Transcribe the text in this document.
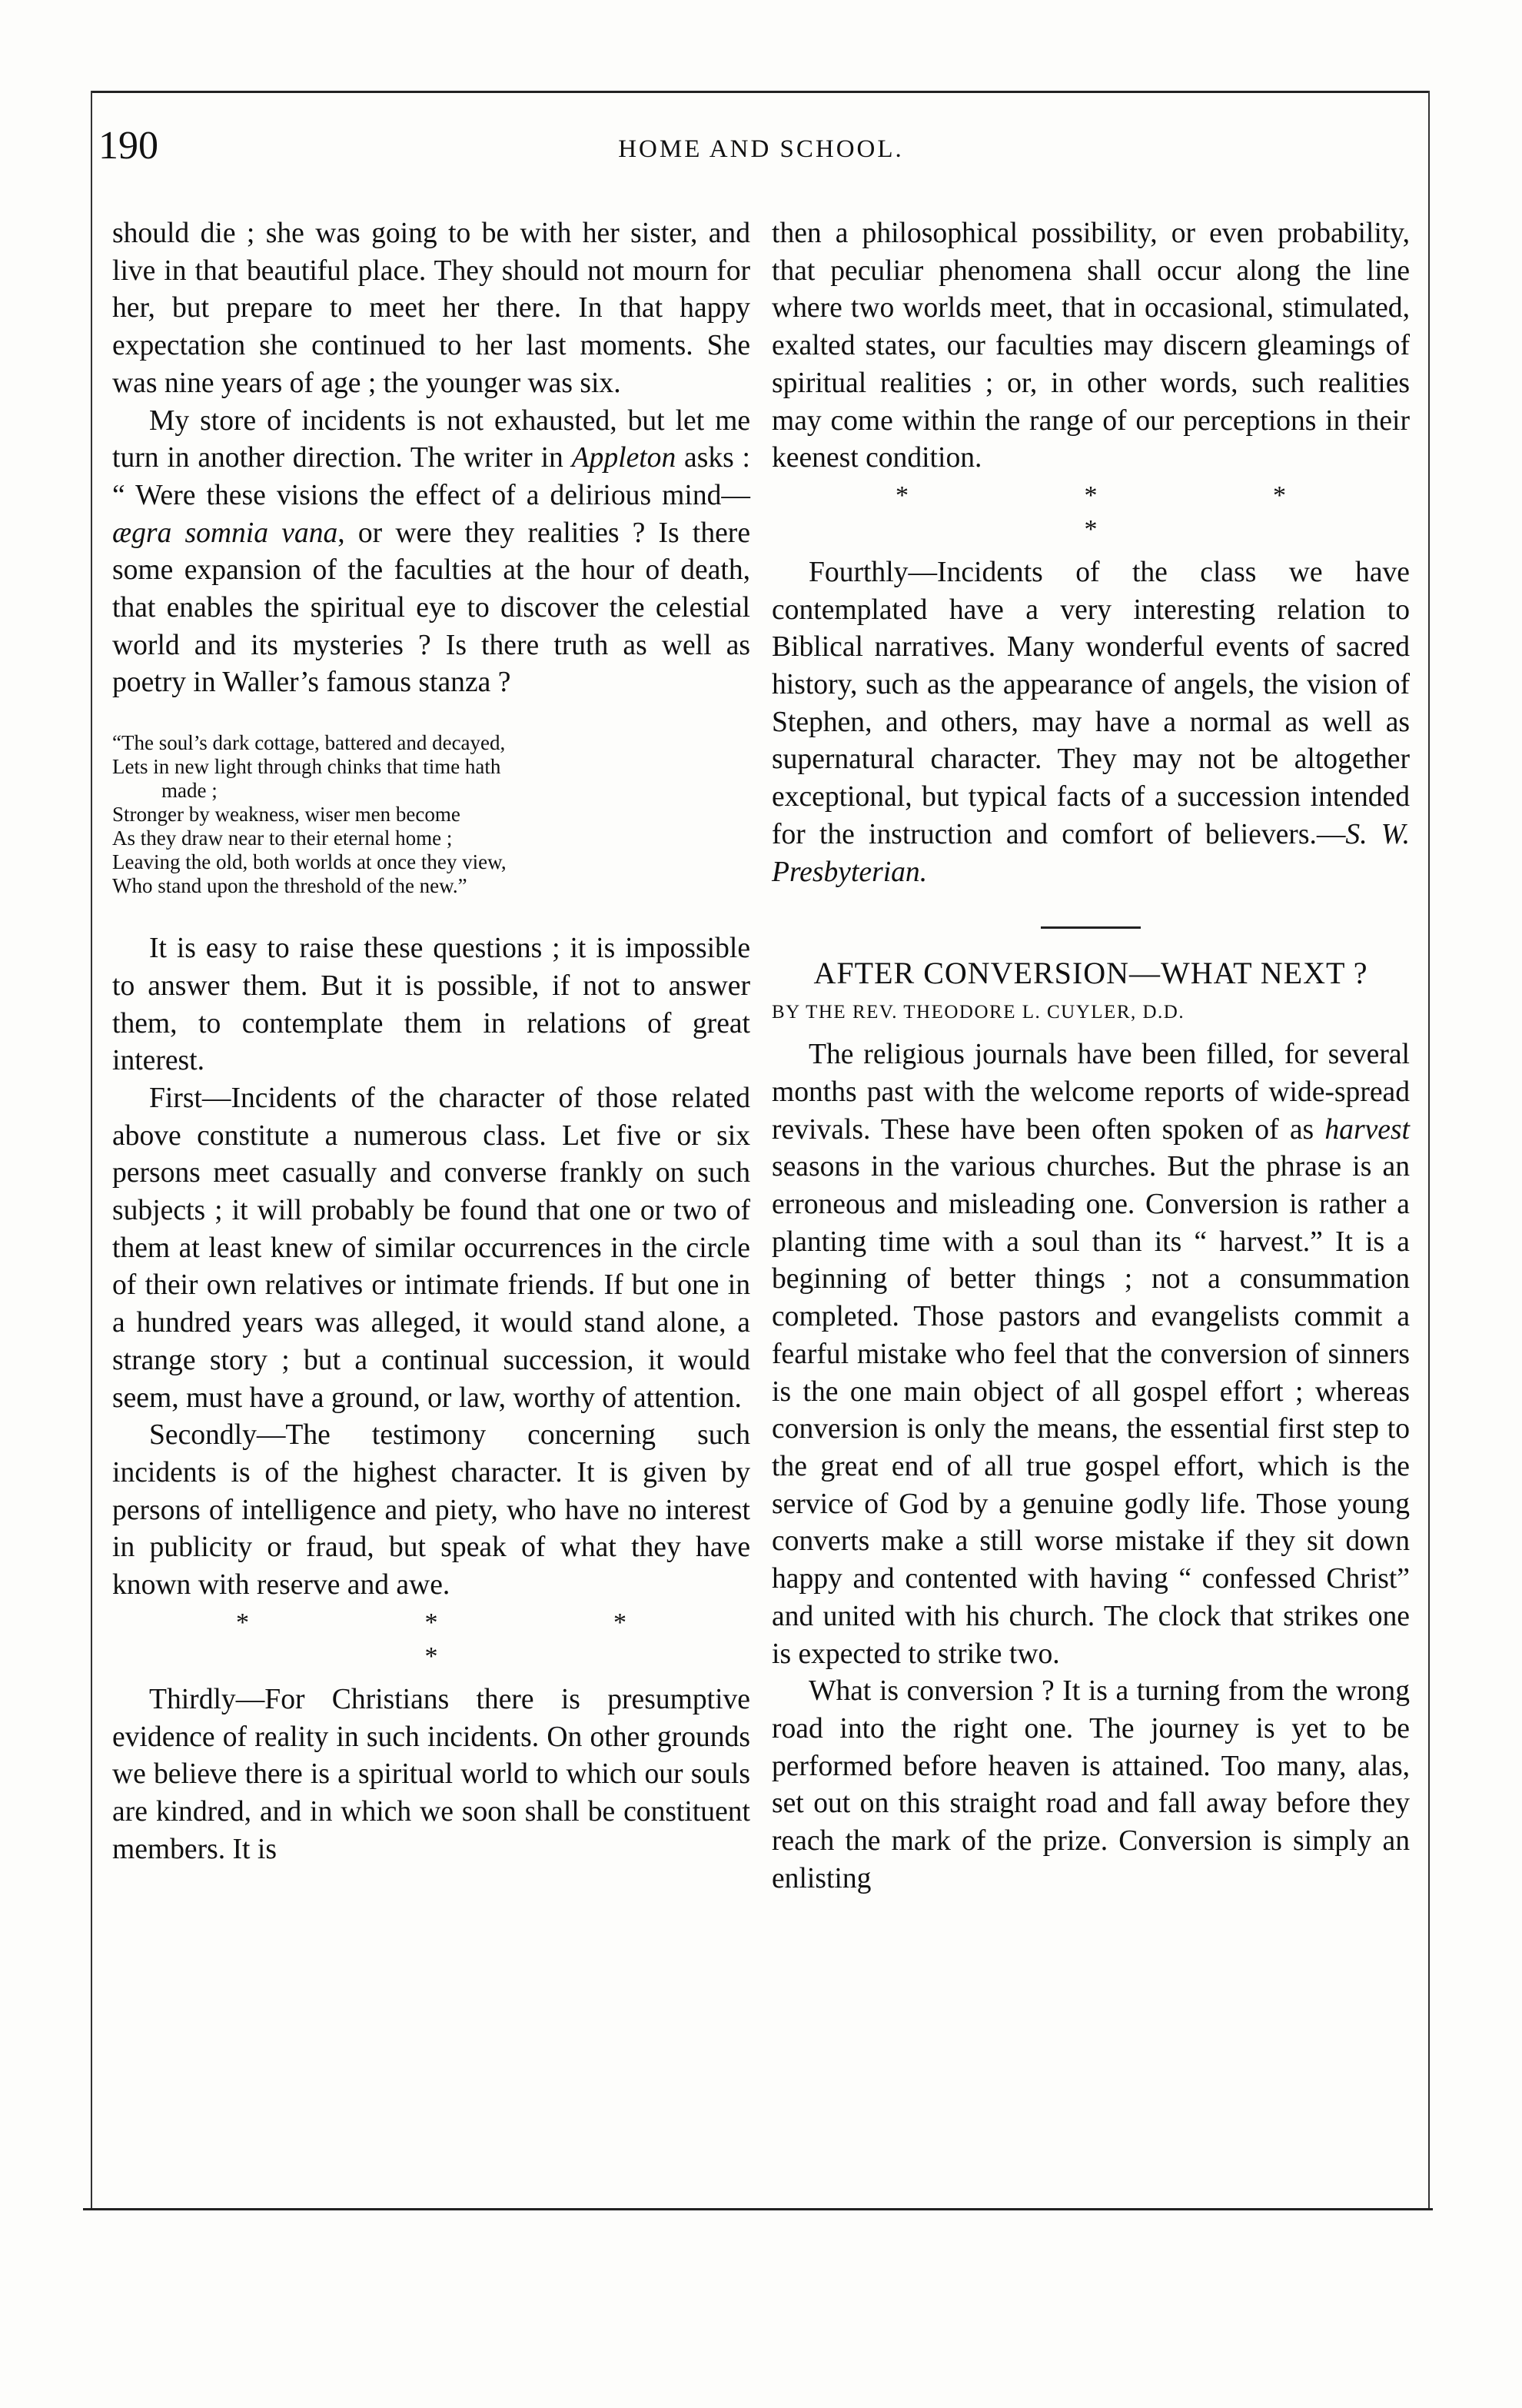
190	HOME AND SCHOOL.

should die ; she was going to be with her sister, and live in that beautiful place. They should not mourn for her, but prepare to meet her there. In that happy expectation she continued to her last moments. She was nine years of age ; the younger was six.

My store of incidents is not exhausted, but let me turn in another direction. The writer in Appleton asks : “ Were these visions the effect of a delirious mind—ægra somnia vana, or were they realities ? Is there some expansion of the faculties at the hour of death, that enables the spiritual eye to discover the celestial world and its mysteries ? Is there truth as well as poetry in Waller’s famous stanza ?

“The soul’s dark cottage, battered and decayed,
Lets in new light through chinks that time hath
made ;
Stronger by weakness, wiser men become
As they draw near to their eternal home ;
Leaving the old, both worlds at once they view,
Who stand upon the threshold of the new.”

It is easy to raise these questions ; it is impossible to answer them. But it is possible, if not to answer them, to contemplate them in relations of great interest.

First—Incidents of the character of those related above constitute a numerous class. Let five or six persons meet casually and converse frankly on such subjects ; it will probably be found that one or two of them at least knew of similar occurrences in the circle of their own relatives or intimate friends. If but one in a hundred years was alleged, it would stand alone, a strange story ; but a continual succession, it would seem, must have a ground, or law, worthy of attention.

Secondly—The testimony concerning such incidents is of the highest character. It is given by persons of intelligence and piety, who have no interest in publicity or fraud, but speak of what they have known with reserve and awe.

* * * *

Thirdly—For Christians there is presumptive evidence of reality in such incidents. On other grounds we believe there is a spiritual world to which our souls are kindred, and in which we soon shall be constituent members. It is

then a philosophical possibility, or even probability, that peculiar phenomena shall occur along the line where two worlds meet, that in occasional, stimulated, exalted states, our faculties may discern gleamings of spiritual realities ; or, in other words, such realities may come within the range of our perceptions in their keenest condition.

* * * *

Fourthly—Incidents of the class we have contemplated have a very interesting relation to Biblical narratives. Many wonderful events of sacred history, such as the appearance of angels, the vision of Stephen, and others, may have a normal as well as supernatural character. They may not be altogether exceptional, but typical facts of a succession intended for the instruction and comfort of believers.—S. W. Presbyterian.

AFTER CONVERSION—WHAT NEXT ?
BY THE REV. THEODORE L. CUYLER, D.D.

The religious journals have been filled, for several months past with the welcome reports of wide-spread revivals. These have been often spoken of as harvest seasons in the various churches. But the phrase is an erroneous and misleading one. Conversion is rather a planting time with a soul than its “ harvest.” It is a beginning of better things ; not a consummation completed. Those pastors and evangelists commit a fearful mistake who feel that the conversion of sinners is the one main object of all gospel effort ; whereas conversion is only the means, the essential first step to the great end of all true gospel effort, which is the service of God by a genuine godly life. Those young converts make a still worse mistake if they sit down happy and contented with having “ confessed Christ” and united with his church. The clock that strikes one is expected to strike two.

What is conversion ? It is a turning from the wrong road into the right one. The journey is yet to be performed before heaven is attained. Too many, alas, set out on this straight road and fall away before they reach the mark of the prize. Conversion is simply an enlisting
